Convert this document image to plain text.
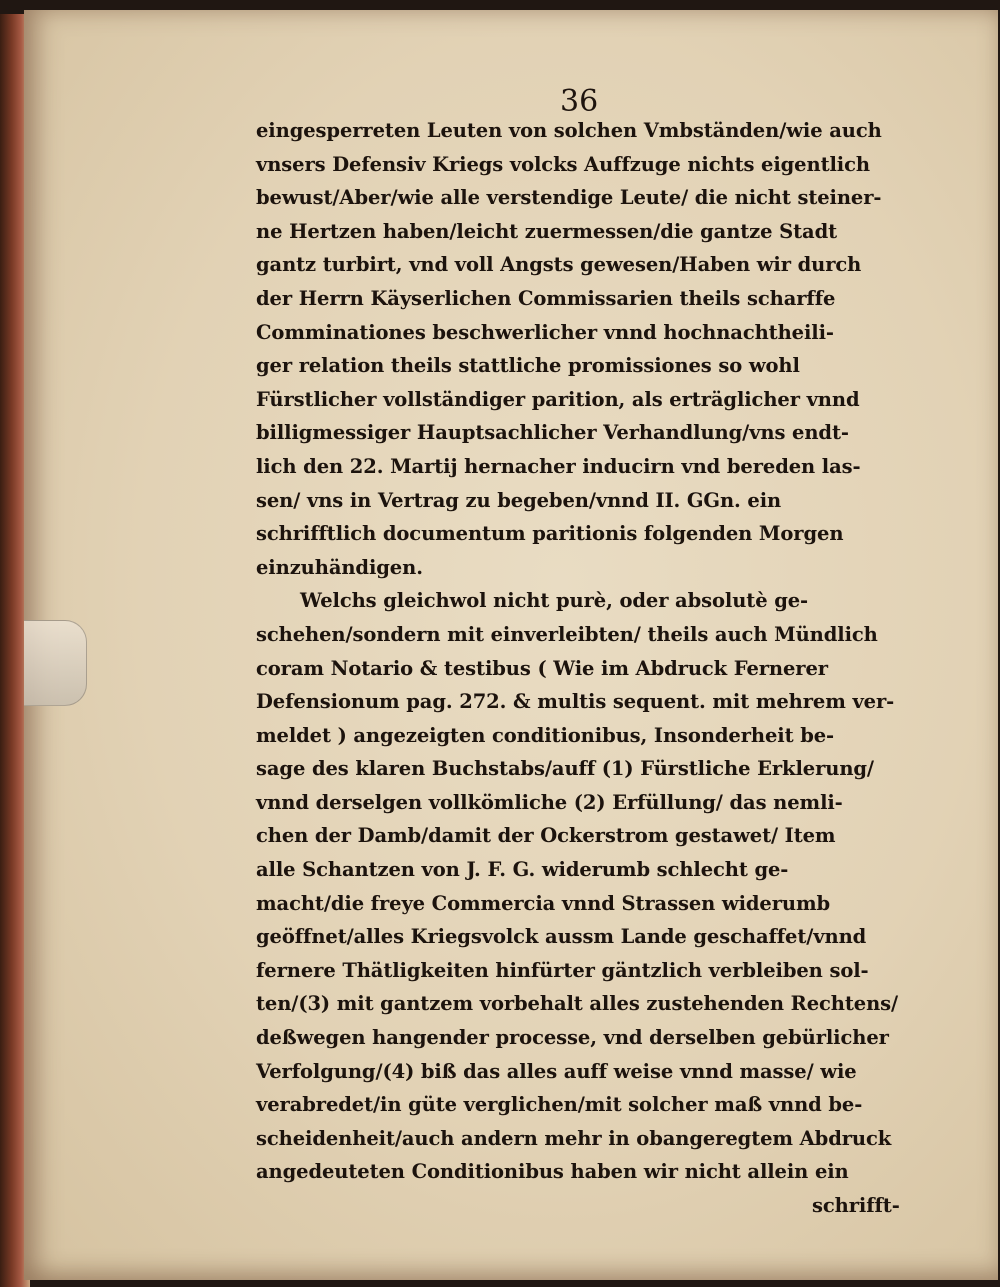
36
eingesperreten Leuten von solchen Vmbständen/wie auch
vnsers Defensiv Kriegs volcks Auffzuge nichts eigentlich
bewust/Aber/wie alle verstendige Leute/ die nicht steiner-
ne Hertzen haben/leicht zuermessen/die gantze Stadt
gantz turbirt, vnd voll Angsts gewesen/Haben wir durch
der Herrn Käyserlichen Commissarien theils scharffe
Comminationes beschwerlicher vnnd hochnachtheili-
ger relation theils stattliche promissiones so wohl
Fürstlicher vollständiger parition, als erträglicher vnnd
billigmessiger Hauptsachlicher Verhandlung/vns endt-
lich den 22. Martij hernacher inducirn vnd bereden las-
sen/ vns in Vertrag zu begeben/vnnd II. GGn. ein
schrifftlich documentum paritionis folgenden Morgen
einzuhändigen.
Welchs gleichwol nicht purè, oder absolutè ge-
schehen/sondern mit einverleibten/ theils auch Mündlich
coram Notario & testibus ( Wie im Abdruck Fernerer
Defensionum pag. 272. & multis sequent. mit mehrem ver-
meldet ) angezeigten conditionibus, Insonderheit be-
sage des klaren Buchstabs/auff (1) Fürstliche Erklerung/
vnnd derselgen vollkömliche (2) Erfüllung/ das nemli-
chen der Damb/damit der Ockerstrom gestawet/ Item
alle Schantzen von J. F. G. widerumb schlecht ge-
macht/die freye Commercia vnnd Strassen widerumb
geöffnet/alles Kriegsvolck aussm Lande geschaffet/vnnd
fernere Thätligkeiten hinfürter gäntzlich verbleiben sol-
ten/(3) mit gantzem vorbehalt alles zustehenden Rechtens/
deßwegen hangender processe, vnd derselben gebürlicher
Verfolgung/(4) biß das alles auff weise vnnd masse/ wie
verabredet/in güte verglichen/mit solcher maß vnnd be-
scheidenheit/auch andern mehr in obangeregtem Abdruck
angedeuteten Conditionibus haben wir nicht allein ein
schrifft-
